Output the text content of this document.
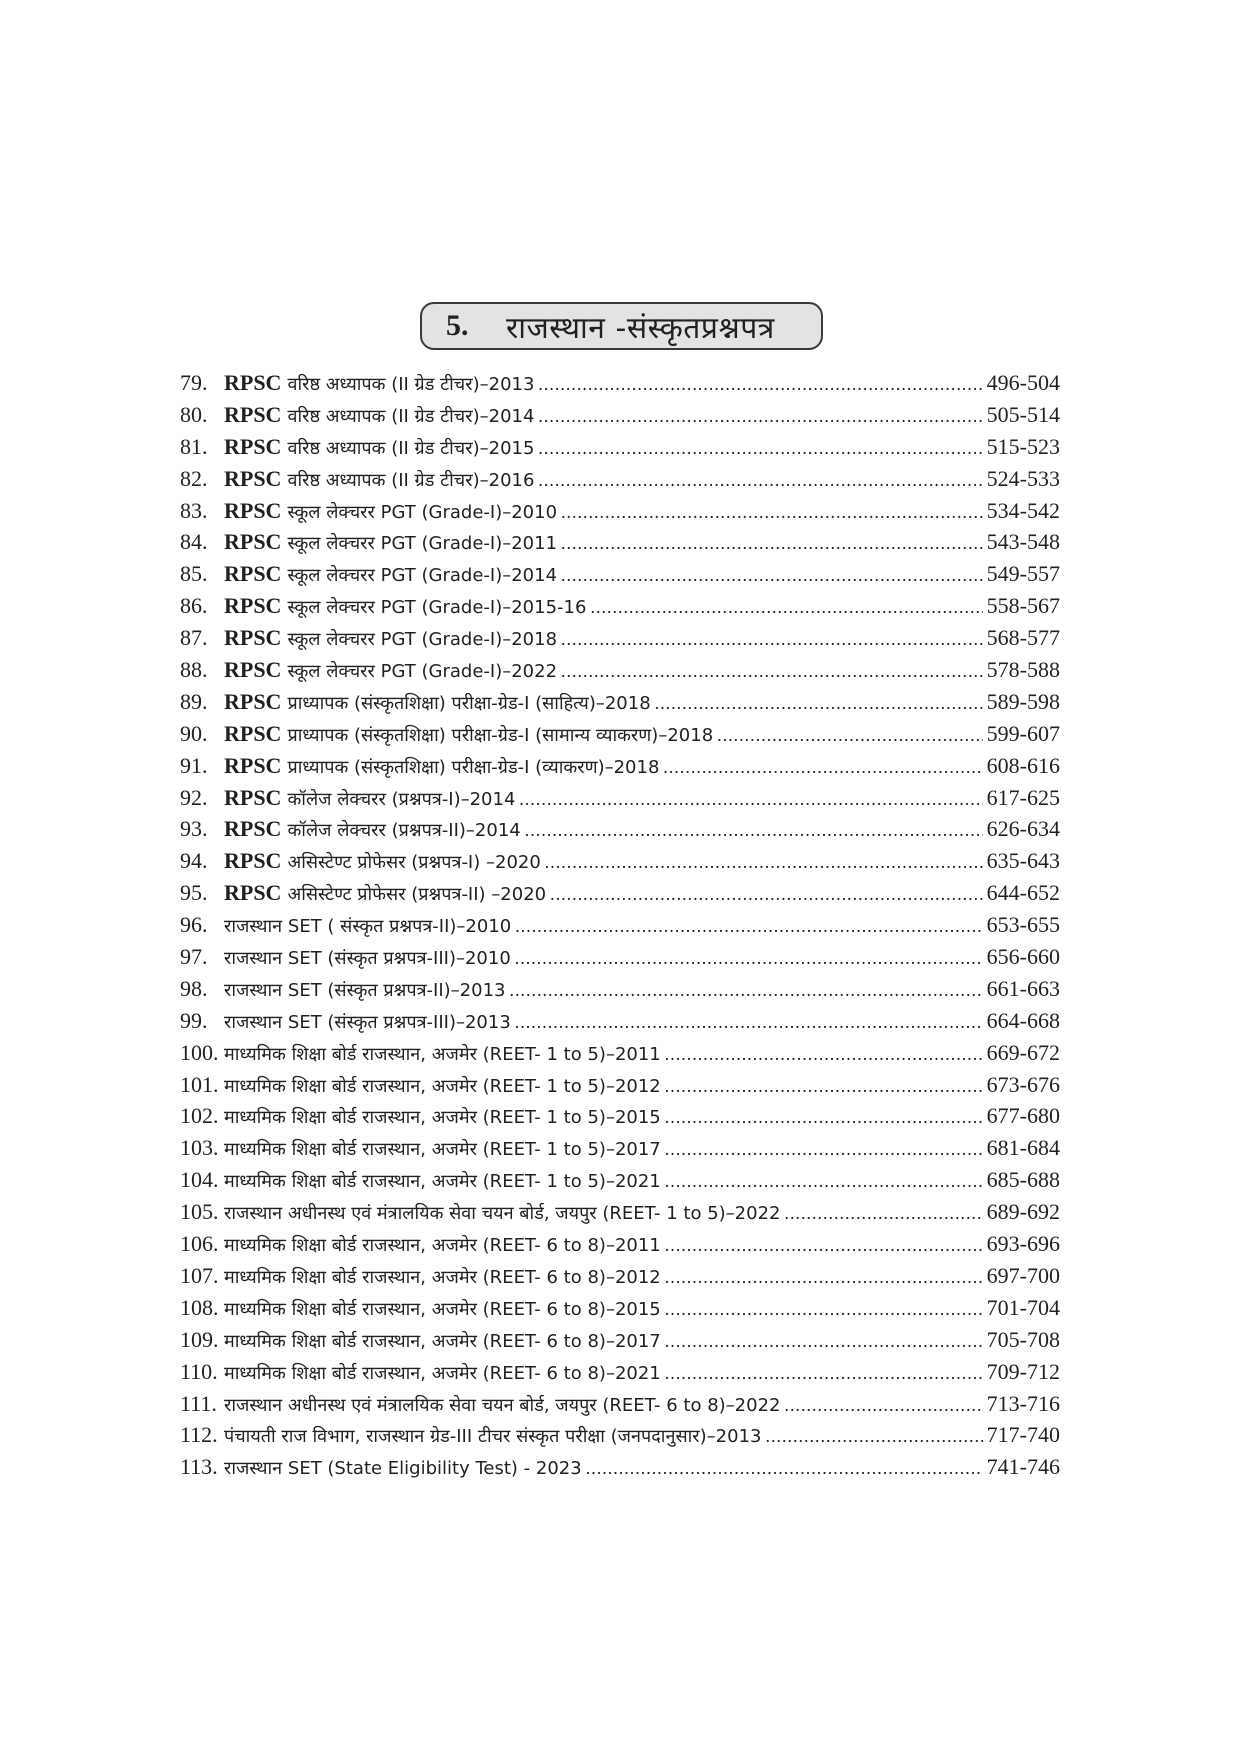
5.	राजस्थान -संस्कृतप्रश्नपत्र
79. RPSC वरिष्ठ अध्यापक (II ग्रेड टीचर)–2013 .....	496-504
80. RPSC वरिष्ठ अध्यापक (II ग्रेड टीचर)–2014 .....	505-514
81. RPSC वरिष्ठ अध्यापक (II ग्रेड टीचर)–2015 .....	515-523
82. RPSC वरिष्ठ अध्यापक (II ग्रेड टीचर)–2016 .....	524-533
83. RPSC स्कूल लेक्चरर PGT (Grade-I)–2010 .....	534-542
84. RPSC स्कूल लेक्चरर PGT (Grade-I)–2011 .....	543-548
85. RPSC स्कूल लेक्चरर PGT (Grade-I)–2014 .....	549-557
86. RPSC स्कूल लेक्चरर PGT (Grade-I)–2015-16 .....	558-567
87. RPSC स्कूल लेक्चरर PGT (Grade-I)–2018 .....	568-577
88. RPSC स्कूल लेक्चरर PGT (Grade-I)–2022 .....	578-588
89. RPSC प्राध्यापक (संस्कृतशिक्षा) परीक्षा-ग्रेड-I (साहित्य)–2018 .....	589-598
90. RPSC प्राध्यापक (संस्कृतशिक्षा) परीक्षा-ग्रेड-I (सामान्य व्याकरण)–2018 .....	599-607
91. RPSC प्राध्यापक (संस्कृतशिक्षा) परीक्षा-ग्रेड-I (व्याकरण)–2018 .....	608-616
92. RPSC कॉलेज लेक्चरर (प्रश्नपत्र-I)–2014 .....	617-625
93. RPSC कॉलेज लेक्चरर (प्रश्नपत्र-II)–2014 .....	626-634
94. RPSC असिस्टेण्ट प्रोफेसर (प्रश्नपत्र-I) –2020 .....	635-643
95. RPSC असिस्टेण्ट प्रोफेसर (प्रश्नपत्र-II) –2020 .....	644-652
96. राजस्थान SET ( संस्कृत प्रश्नपत्र-II)–2010 .....	653-655
97. राजस्थान SET (संस्कृत प्रश्नपत्र-III)–2010 .....	656-660
98. राजस्थान SET (संस्कृत प्रश्नपत्र-II)–2013 .....	661-663
99. राजस्थान SET (संस्कृत प्रश्नपत्र-III)–2013 .....	664-668
100. माध्यमिक शिक्षा बोर्ड राजस्थान, अजमेर (REET- 1 to 5)–2011 .....	669-672
101. माध्यमिक शिक्षा बोर्ड राजस्थान, अजमेर (REET- 1 to 5)–2012 .....	673-676
102. माध्यमिक शिक्षा बोर्ड राजस्थान, अजमेर (REET- 1 to 5)–2015 .....	677-680
103. माध्यमिक शिक्षा बोर्ड राजस्थान, अजमेर (REET- 1 to 5)–2017 .....	681-684
104. माध्यमिक शिक्षा बोर्ड राजस्थान, अजमेर (REET- 1 to 5)–2021 .....	685-688
105. राजस्थान अधीनस्थ एवं मंत्रालयिक सेवा चयन बोर्ड, जयपुर (REET- 1 to 5)–2022 .....	689-692
106. माध्यमिक शिक्षा बोर्ड राजस्थान, अजमेर (REET- 6 to 8)–2011 .....	693-696
107. माध्यमिक शिक्षा बोर्ड राजस्थान, अजमेर (REET- 6 to 8)–2012 .....	697-700
108. माध्यमिक शिक्षा बोर्ड राजस्थान, अजमेर (REET- 6 to 8)–2015 .....	701-704
109. माध्यमिक शिक्षा बोर्ड राजस्थान, अजमेर (REET- 6 to 8)–2017 .....	705-708
110. माध्यमिक शिक्षा बोर्ड राजस्थान, अजमेर (REET- 6 to 8)–2021 .....	709-712
111. राजस्थान अधीनस्थ एवं मंत्रालयिक सेवा चयन बोर्ड, जयपुर (REET- 6 to 8)–2022 .....	713-716
112. पंचायती राज विभाग, राजस्थान ग्रेड-III टीचर संस्कृत परीक्षा (जनपदानुसार)–2013 .....	717-740
113. राजस्थान SET (State Eligibility Test) - 2023 .....	741-746
